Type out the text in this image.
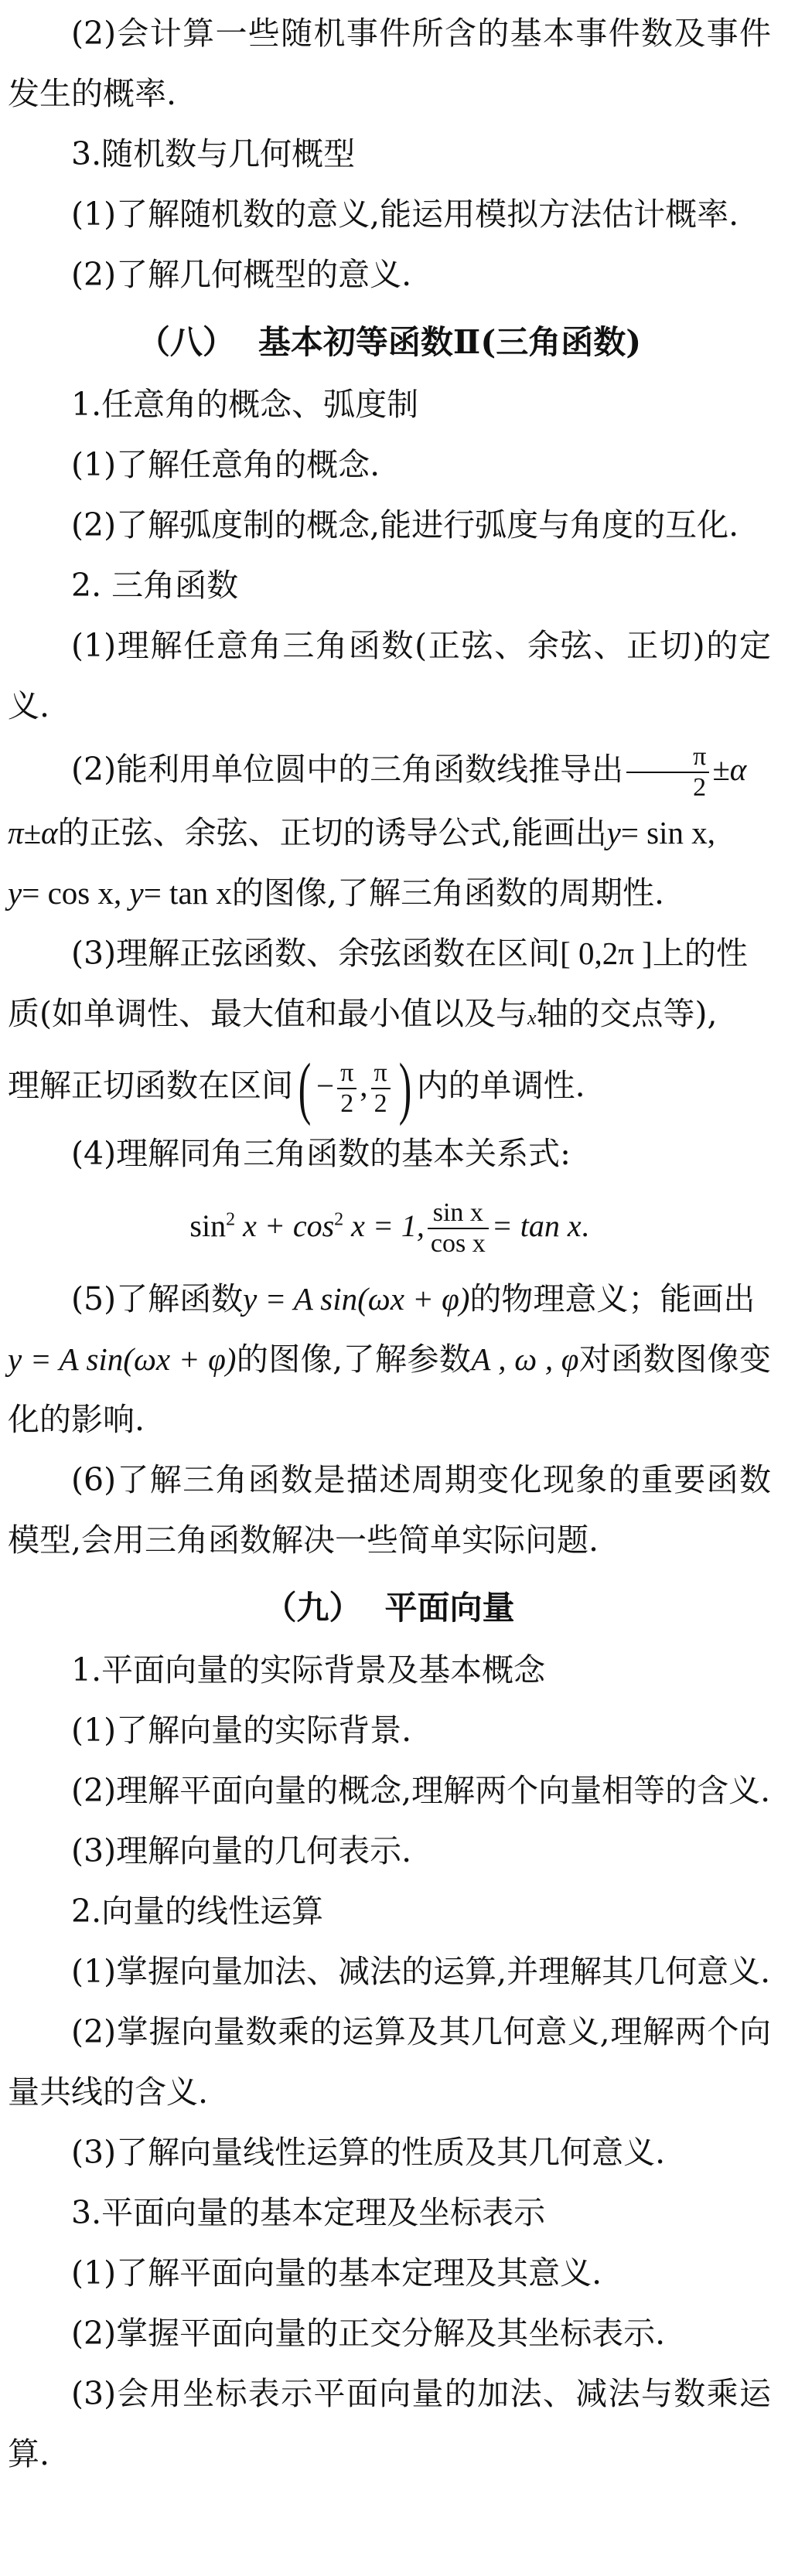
(2)会计算一些随机事件所含的基本事件数及事件发生的概率.

3.随机数与几何概型

(1)了解随机数的意义,能运用模拟方法估计概率.

(2)了解几何概型的意义.

（八） 基本初等函数Ⅱ(三角函数)

1.任意角的概念、弧度制

(1)了解任意角的概念.

(2)了解弧度制的概念,能进行弧度与角度的互化.

2. 三角函数

(1)理解任意角三角函数(正弦、余弦、正切)的定义.

(2)能利用单位圆中的三角函数线推导出 $\frac{\pi}{2} \pm\alpha$

π±α的正弦、余弦、正切的诱导公式,能画出y= sin x,

y= cos x, y= tan x的图像,了解三角函数的周期性.

(3)理解正弦函数、余弦函数在区间[ 0,2π ]上的性

质(如单调性、最大值和最小值以及与x轴的交点等),

理解正切函数在区间( − $\frac{\pi}{2}$ , $\frac{\pi}{2}$ ) 内的单调性.

(4)理解同角三角函数的基本关系式:

$\sin^2 x + \cos^2 x = 1$, $\frac{\text{sin x}}{\text{cos x}} = \tan x$.

(5)了解函数y = A sin(ωx + φ)的物理意义；能画出

y = A sin(ωx + φ)的图像,了解参数A , ω , φ对函数图像变化的影响.

(6)了解三角函数是描述周期变化现象的重要函数模型,会用三角函数解决一些简单实际问题.

（九） 平面向量

1.平面向量的实际背景及基本概念

(1)了解向量的实际背景.

(2)理解平面向量的概念,理解两个向量相等的含义.

(3)理解向量的几何表示.

2.向量的线性运算

(1)掌握向量加法、减法的运算,并理解其几何意义.

(2)掌握向量数乘的运算及其几何意义,理解两个向量共线的含义.

(3)了解向量线性运算的性质及其几何意义.

3.平面向量的基本定理及坐标表示

(1)了解平面向量的基本定理及其意义.

(2)掌握平面向量的正交分解及其坐标表示.

(3)会用坐标表示平面向量的加法、减法与数乘运算.
